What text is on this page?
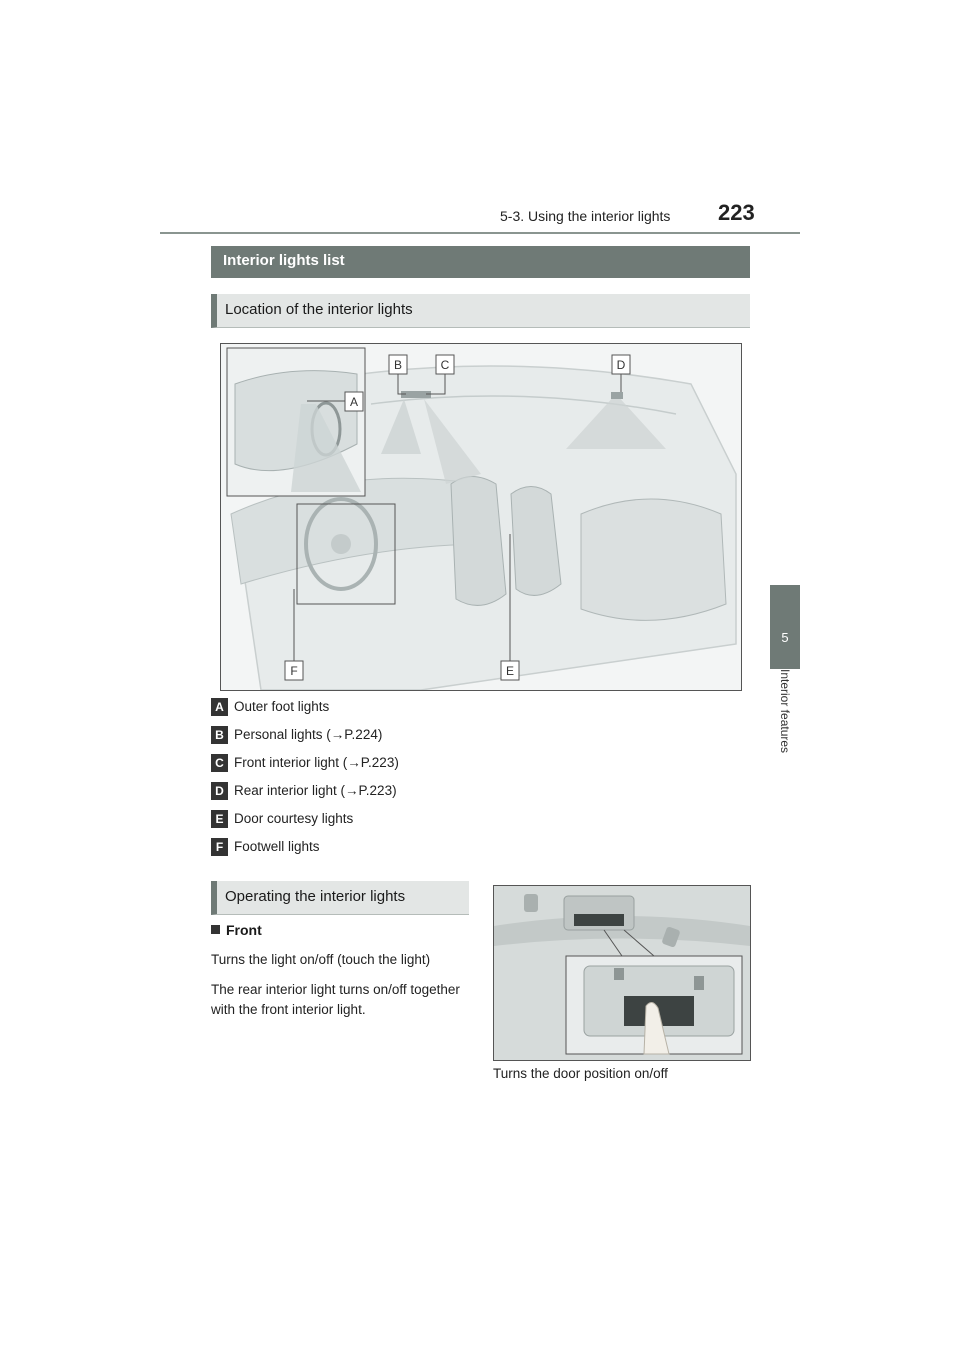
5-3. Using the interior lights 223
5
Interior features
Interior lights list
Location of the interior lights
A
B	C	D
E
F
A Outer foot lights
B Personal lights (→P.224)
C Front interior light (→P.223)
D Rear interior light (→P.223)
E Door courtesy lights
F Footwell lights
Operating the interior lights
Front
Turns the light on/off (touch the light)
The rear interior light turns on/off together with the front interior light.
Turns the door position on/off
